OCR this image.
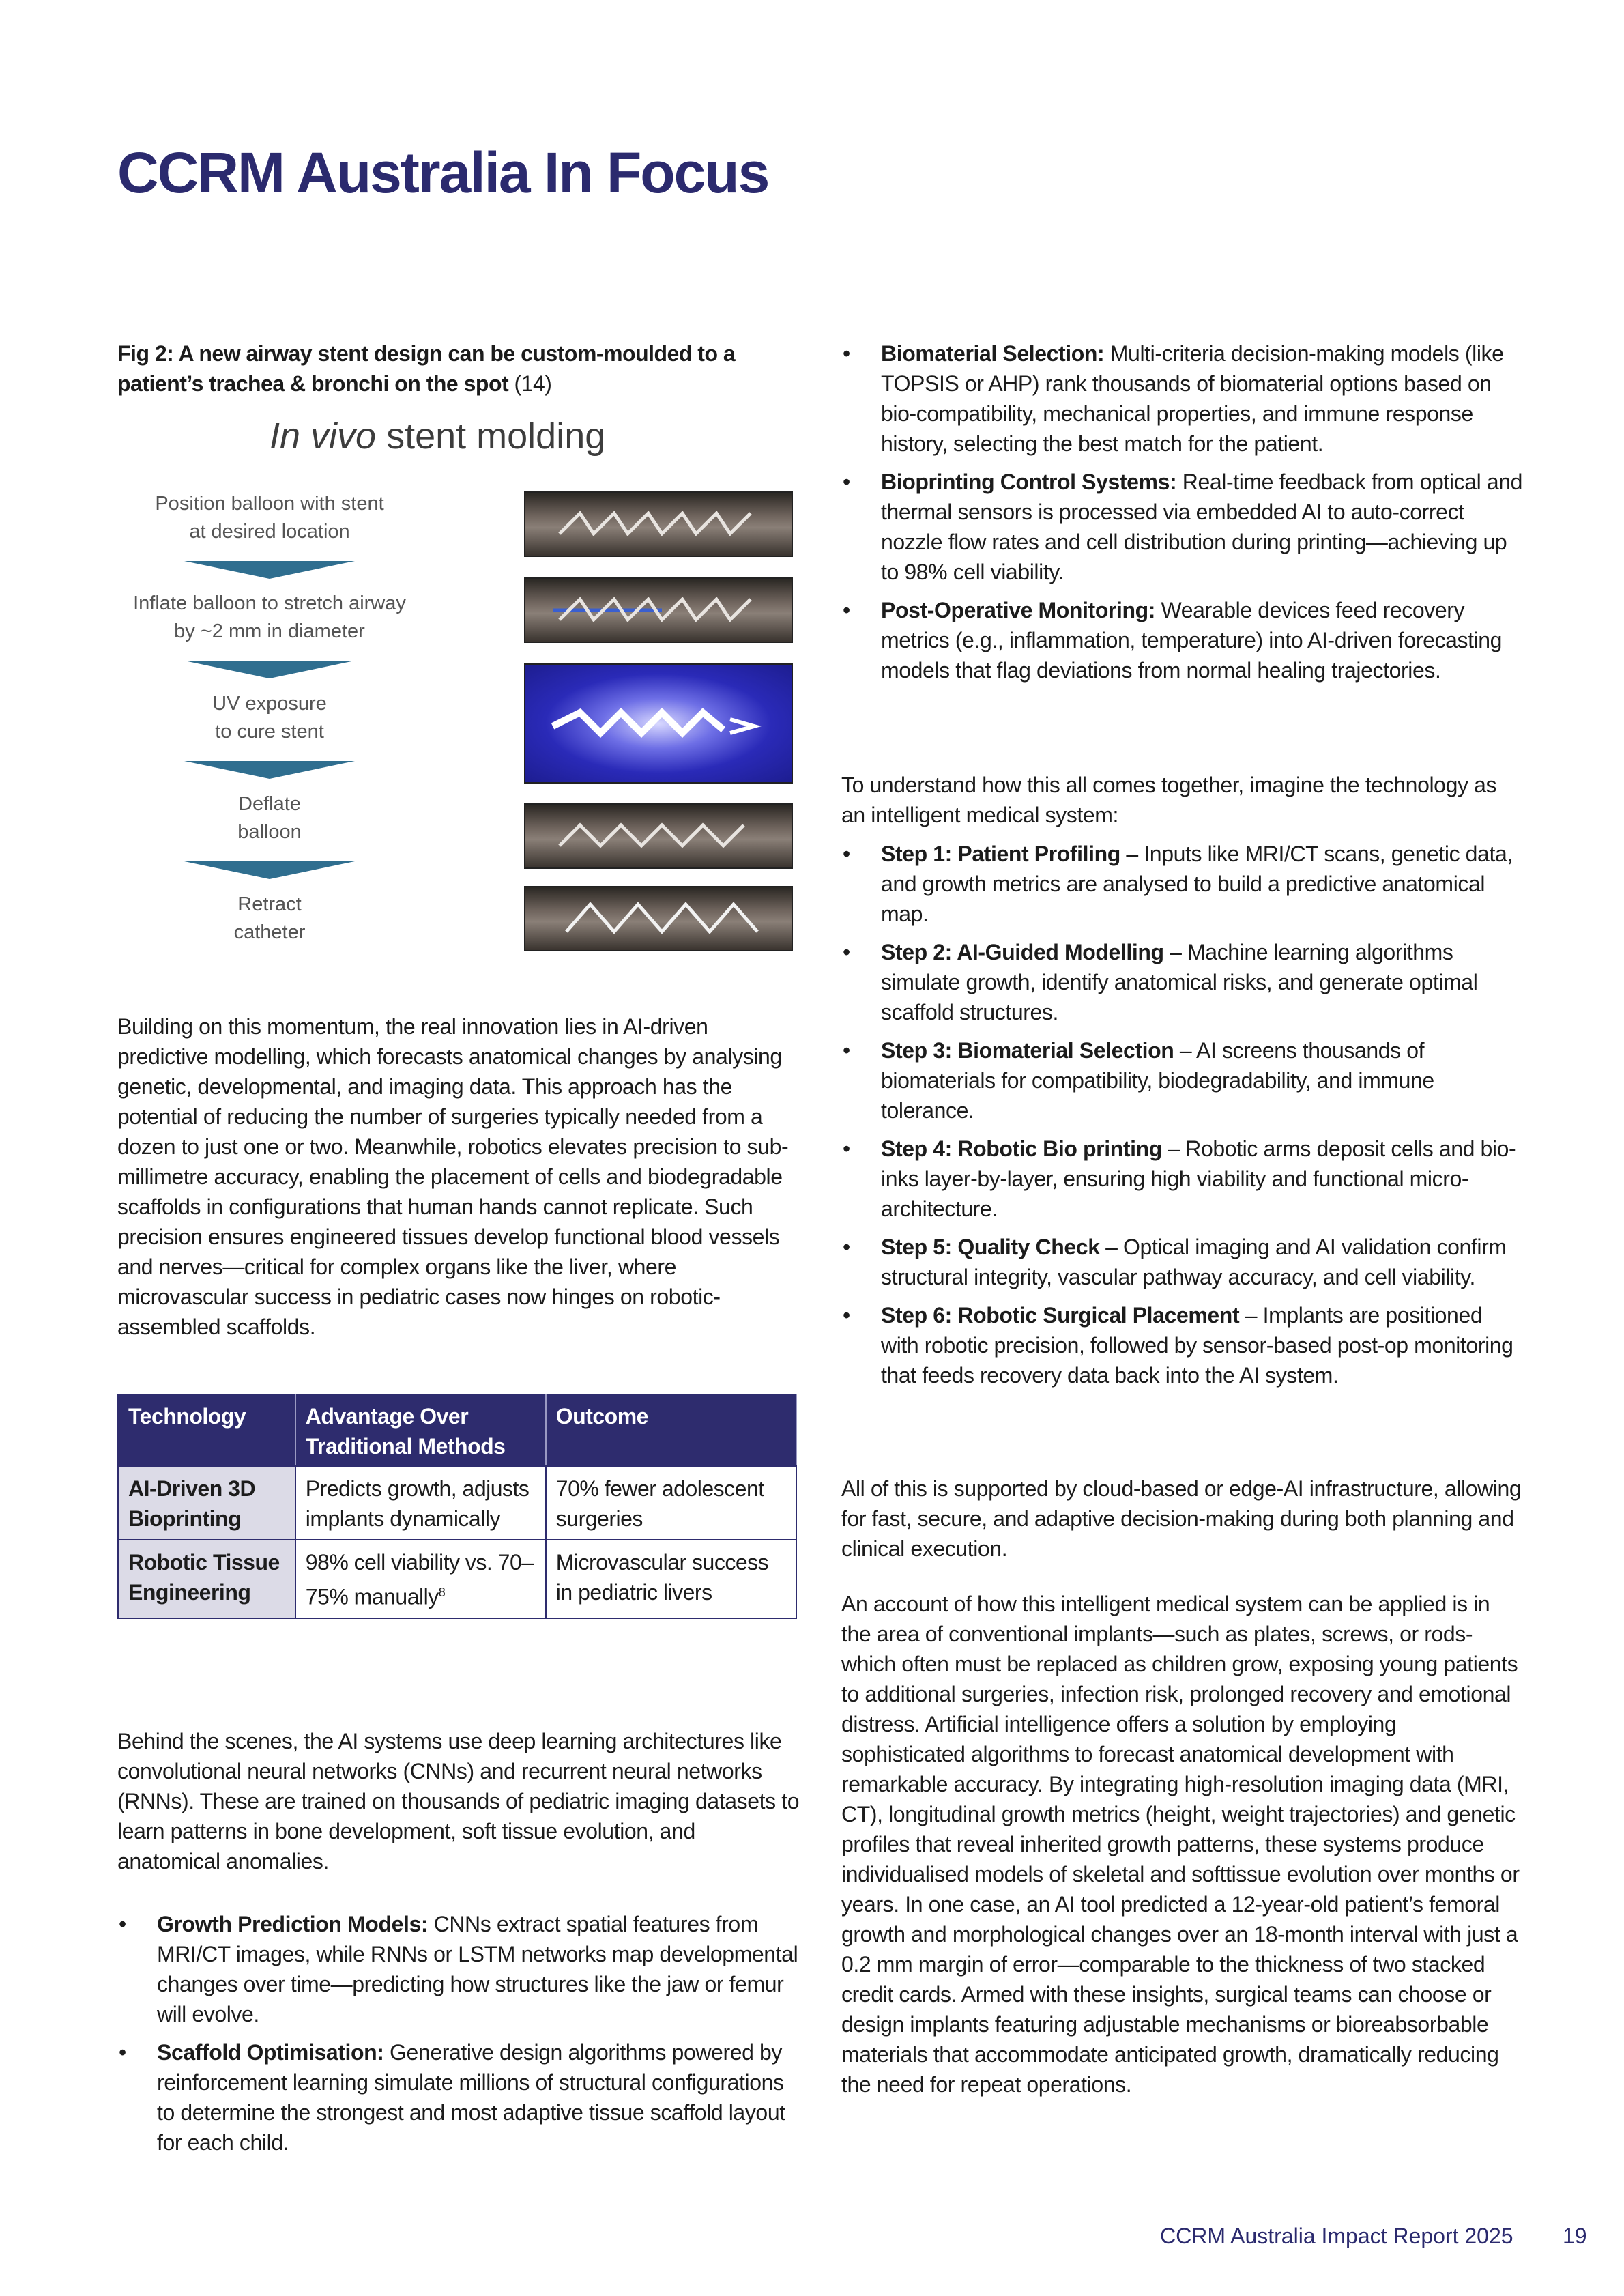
CCRM Australia In Focus
Fig 2: A new airway stent design can be custom-moulded to a patient’s trachea & bronchi on the spot (14)
In vivo stent molding
Position balloon with stent
at desired location
Inflate balloon to stretch airway
by ~2 mm in diameter
UV exposure
to cure stent
Deflate
balloon
Retract
catheter

Building on this momentum, the real innovation lies in AI-driven predictive modelling, which forecasts anatomical changes by analysing genetic, developmental, and imaging data. This approach has the potential of reducing the number of surgeries typically needed from a dozen to just one or two. Meanwhile, robotics elevates precision to sub-millimetre accuracy, enabling the placement of cells and biodegradable scaffolds in configurations that human hands cannot replicate. Such precision ensures engineered tissues develop functional blood vessels and nerves—critical for complex organs like the liver, where microvascular success in pediatric cases now hinges on robotic-assembled scaffolds.

Technology	Advantage Over Traditional Methods	Outcome
AI-Driven 3D Bioprinting	Predicts growth, adjusts implants dynamically	70% fewer adolescent surgeries
Robotic Tissue Engineering	98% cell viability vs. 70–75% manually$^8$	Microvascular success in pediatric livers

Behind the scenes, the AI systems use deep learning architectures like convolutional neural networks (CNNs) and recurrent neural networks (RNNs). These are trained on thousands of pediatric imaging datasets to learn patterns in bone development, soft tissue evolution, and anatomical anomalies.

• Growth Prediction Models: CNNs extract spatial features from MRI/CT images, while RNNs or LSTM networks map developmental changes over time—predicting how structures like the jaw or femur will evolve.
• Scaffold Optimisation: Generative design algorithms powered by reinforcement learning simulate millions of structural configurations to determine the strongest and most adaptive tissue scaffold layout for each child.
• Biomaterial Selection: Multi-criteria decision-making models (like TOPSIS or AHP) rank thousands of biomaterial options based on bio-compatibility, mechanical properties, and immune response history, selecting the best match for the patient.
• Bioprinting Control Systems: Real-time feedback from optical and thermal sensors is processed via embedded AI to auto-correct nozzle flow rates and cell distribution during printing—achieving up to 98% cell viability.
• Post-Operative Monitoring: Wearable devices feed recovery metrics (e.g., inflammation, temperature) into AI-driven forecasting models that flag deviations from normal healing trajectories.

To understand how this all comes together, imagine the technology as an intelligent medical system:

• Step 1: Patient Profiling – Inputs like MRI/CT scans, genetic data, and growth metrics are analysed to build a predictive anatomical map.
• Step 2: AI-Guided Modelling – Machine learning algorithms simulate growth, identify anatomical risks, and generate optimal scaffold structures.
• Step 3: Biomaterial Selection – AI screens thousands of biomaterials for compatibility, biodegradability, and immune tolerance.
• Step 4: Robotic Bio printing – Robotic arms deposit cells and bio-inks layer-by-layer, ensuring high viability and functional micro-architecture.
• Step 5: Quality Check – Optical imaging and AI validation confirm structural integrity, vascular pathway accuracy, and cell viability.
• Step 6: Robotic Surgical Placement – Implants are positioned with robotic precision, followed by sensor-based post-op monitoring that feeds recovery data back into the AI system.

All of this is supported by cloud-based or edge-AI infrastructure, allowing for fast, secure, and adaptive decision-making during both planning and clinical execution.

An account of how this intelligent medical system can be applied is in the area of conventional implants—such as plates, screws, or rods- which often must be replaced as children grow, exposing young patients to additional surgeries, infection risk, prolonged recovery and emotional distress. Artificial intelligence offers a solution by employing sophisticated algorithms to forecast anatomical development with remarkable accuracy. By integrating high-resolution imaging data (MRI, CT), longitudinal growth metrics (height, weight trajectories) and genetic profiles that reveal inherited growth patterns, these systems produce individualised models of skeletal and softtissue evolution over months or years. In one case, an AI tool predicted a 12-year-old patient’s femoral growth and morphological changes over an 18-month interval with just a 0.2 mm margin of error—comparable to the thickness of two stacked credit cards. Armed with these insights, surgical teams can choose or design implants featuring adjustable mechanisms or bioreabsorbable materials that accommodate anticipated growth, dramatically reducing the need for repeat operations.

CCRM Australia Impact Report 2025 19
